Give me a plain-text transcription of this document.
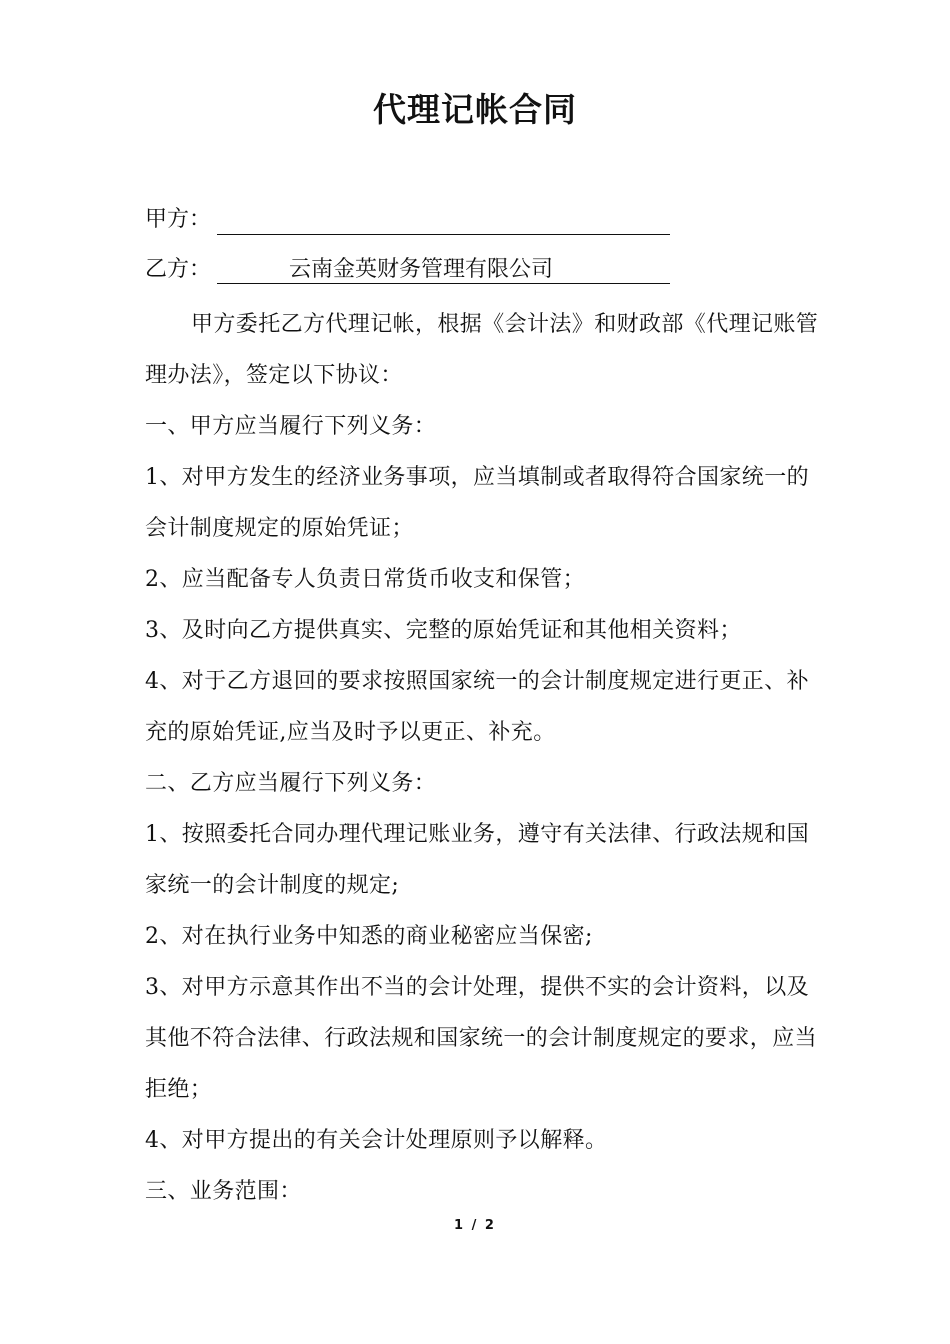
代理记帐合同
甲方：
乙方：	云南金英财务管理有限公司

甲方委托乙方代理记帐，根据《会计法》和财政部《代理记账管理办法》，签定以下协议：

一、甲方应当履行下列义务：

1、对甲方发生的经济业务事项，应当填制或者取得符合国家统一的会计制度规定的原始凭证；

2、应当配备专人负责日常货币收支和保管；

3、及时向乙方提供真实、完整的原始凭证和其他相关资料；

4、对于乙方退回的要求按照国家统一的会计制度规定进行更正、补充的原始凭证,应当及时予以更正、补充。

二、乙方应当履行下列义务：

1、按照委托合同办理代理记账业务，遵守有关法律、行政法规和国家统一的会计制度的规定;

2、对在执行业务中知悉的商业秘密应当保密;

3、对甲方示意其作出不当的会计处理，提供不实的会计资料，以及其他不符合法律、行政法规和国家统一的会计制度规定的要求，应当拒绝；

4、对甲方提出的有关会计处理原则予以解释。

三、业务范围：

1 / 2
